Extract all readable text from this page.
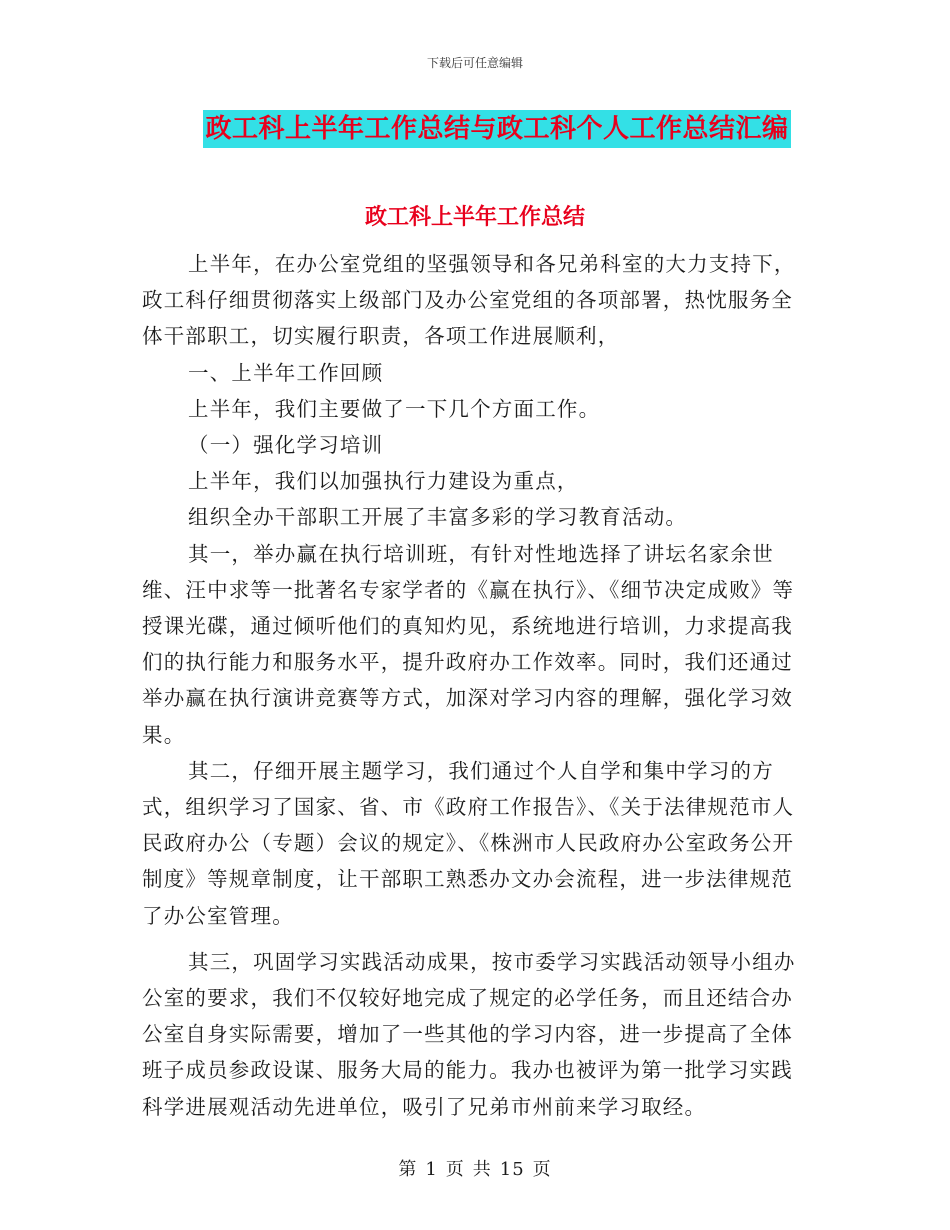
下载后可任意编辑
政工科上半年工作总结与政工科个人工作总结汇编
政工科上半年工作总结

上半年，在办公室党组的坚强领导和各兄弟科室的大力支持下，政工科仔细贯彻落实上级部门及办公室党组的各项部署，热忱服务全体干部职工，切实履行职责，各项工作进展顺利，

一、上半年工作回顾

上半年，我们主要做了一下几个方面工作。

（一）强化学习培训

上半年，我们以加强执行力建设为重点，

组织全办干部职工开展了丰富多彩的学习教育活动。

其一，举办赢在执行培训班，有针对性地选择了讲坛名家余世维、汪中求等一批著名专家学者的《赢在执行》、《细节决定成败》等授课光碟，通过倾听他们的真知灼见，系统地进行培训，力求提高我们的执行能力和服务水平，提升政府办工作效率。同时，我们还通过举办赢在执行演讲竞赛等方式，加深对学习内容的理解，强化学习效果。

其二，仔细开展主题学习，我们通过个人自学和集中学习的方式，组织学习了国家、省、市《政府工作报告》、《关于法律规范市人民政府办公（专题）会议的规定》、《株洲市人民政府办公室政务公开制度》等规章制度，让干部职工熟悉办文办会流程，进一步法律规范了办公室管理。

其三，巩固学习实践活动成果，按市委学习实践活动领导小组办公室的要求，我们不仅较好地完成了规定的必学任务，而且还结合办公室自身实际需要，增加了一些其他的学习内容，进一步提高了全体班子成员参政设谋、服务大局的能力。我办也被评为第一批学习实践科学进展观活动先进单位，吸引了兄弟市州前来学习取经。

第 1 页 共 15 页
